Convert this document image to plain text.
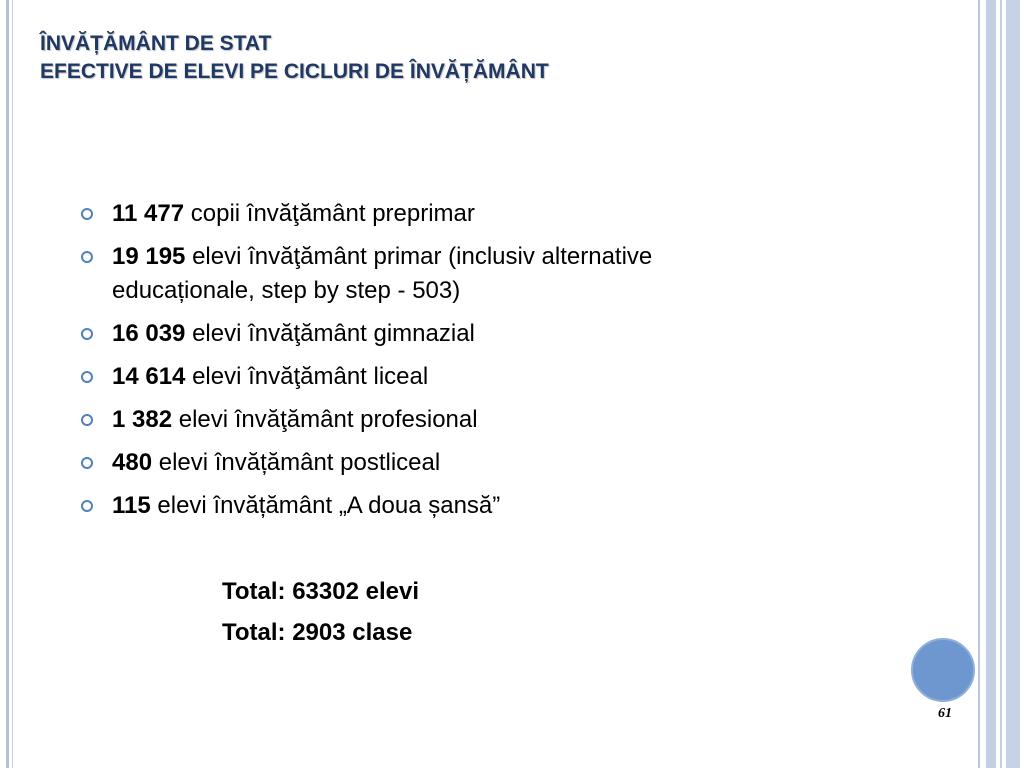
ÎNVĂȚĂMÂNT DE STAT
EFECTIVE DE ELEVI PE CICLURI DE ÎNVĂȚĂMÂNT
11 477 copii învăţământ preprimar
19 195 elevi învăţământ primar (inclusiv alternative educaționale, step by step - 503)
16 039 elevi învăţământ gimnazial
14 614 elevi învăţământ liceal
1 382 elevi învăţământ profesional
480 elevi învățământ postliceal
115 elevi învățământ „A doua șansă”
Total: 63302 elevi
Total: 2903 clase
61
